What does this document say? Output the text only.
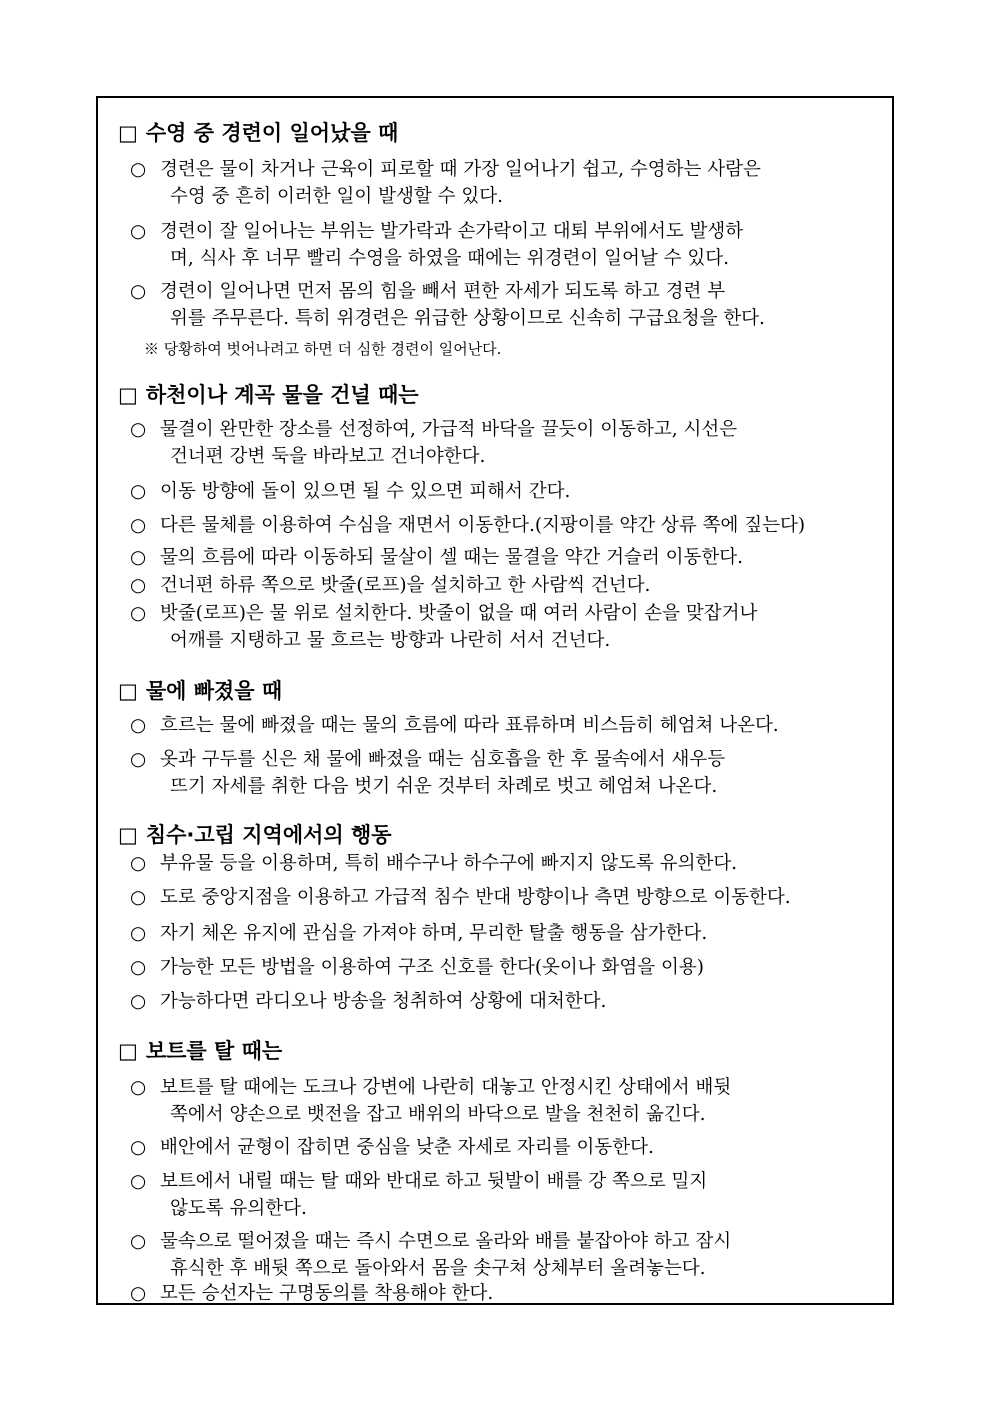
□ 수영 중 경련이 일어났을 때
○ 경련은 물이 차거나 근육이 피로할 때 가장 일어나기 쉽고, 수영하는 사람은
수영 중 흔히 이러한 일이 발생할 수 있다.
○ 경련이 잘 일어나는 부위는 발가락과 손가락이고 대퇴 부위에서도 발생하
며, 식사 후 너무 빨리 수영을 하였을 때에는 위경련이 일어날 수 있다.
○ 경련이 일어나면 먼저 몸의 힘을 빼서 편한 자세가 되도록 하고 경련 부
위를 주무른다. 특히 위경련은 위급한 상황이므로 신속히 구급요청을 한다.
※ 당황하여 벗어나려고 하면 더 심한 경련이 일어난다.
□ 하천이나 계곡 물을 건널 때는
○ 물결이 완만한 장소를 선정하여, 가급적 바닥을 끌듯이 이동하고, 시선은
건너편 강변 둑을 바라보고 건너야한다.
○ 이동 방향에 돌이 있으면 될 수 있으면 피해서 간다.
○ 다른 물체를 이용하여 수심을 재면서 이동한다.(지팡이를 약간 상류 쪽에 짚는다)
○ 물의 흐름에 따라 이동하되 물살이 셀 때는 물결을 약간 거슬러 이동한다.
○ 건너편 하류 쪽으로 밧줄(로프)을 설치하고 한 사람씩 건넌다.
○ 밧줄(로프)은 물 위로 설치한다. 밧줄이 없을 때 여러 사람이 손을 맞잡거나
어깨를 지탱하고 물 흐르는 방향과 나란히 서서 건넌다.
□ 물에 빠졌을 때
○ 흐르는 물에 빠졌을 때는 물의 흐름에 따라 표류하며 비스듬히 헤엄쳐 나온다.
○ 옷과 구두를 신은 채 물에 빠졌을 때는 심호흡을 한 후 물속에서 새우등
뜨기 자세를 취한 다음 벗기 쉬운 것부터 차례로 벗고 헤엄쳐 나온다.
□ 침수·고립 지역에서의 행동
○ 부유물 등을 이용하며, 특히 배수구나 하수구에 빠지지 않도록 유의한다.
○ 도로 중앙지점을 이용하고 가급적 침수 반대 방향이나 측면 방향으로 이동한다.
○ 자기 체온 유지에 관심을 가져야 하며, 무리한 탈출 행동을 삼가한다.
○ 가능한 모든 방법을 이용하여 구조 신호를 한다(옷이나 화염을 이용)
○ 가능하다면 라디오나 방송을 청취하여 상황에 대처한다.
□ 보트를 탈 때는
○ 보트를 탈 때에는 도크나 강변에 나란히 대놓고 안정시킨 상태에서 배뒷
쪽에서 양손으로 뱃전을 잡고 배위의 바닥으로 발을 천천히 옮긴다.
○ 배안에서 균형이 잡히면 중심을 낮춘 자세로 자리를 이동한다.
○ 보트에서 내릴 때는 탈 때와 반대로 하고 뒷발이 배를 강 쪽으로 밀지
않도록 유의한다.
○ 물속으로 떨어졌을 때는 즉시 수면으로 올라와 배를 붙잡아야 하고 잠시
휴식한 후 배뒷 쪽으로 돌아와서 몸을 솟구쳐 상체부터 올려놓는다.
○ 모든 승선자는 구명동의를 착용해야 한다.
